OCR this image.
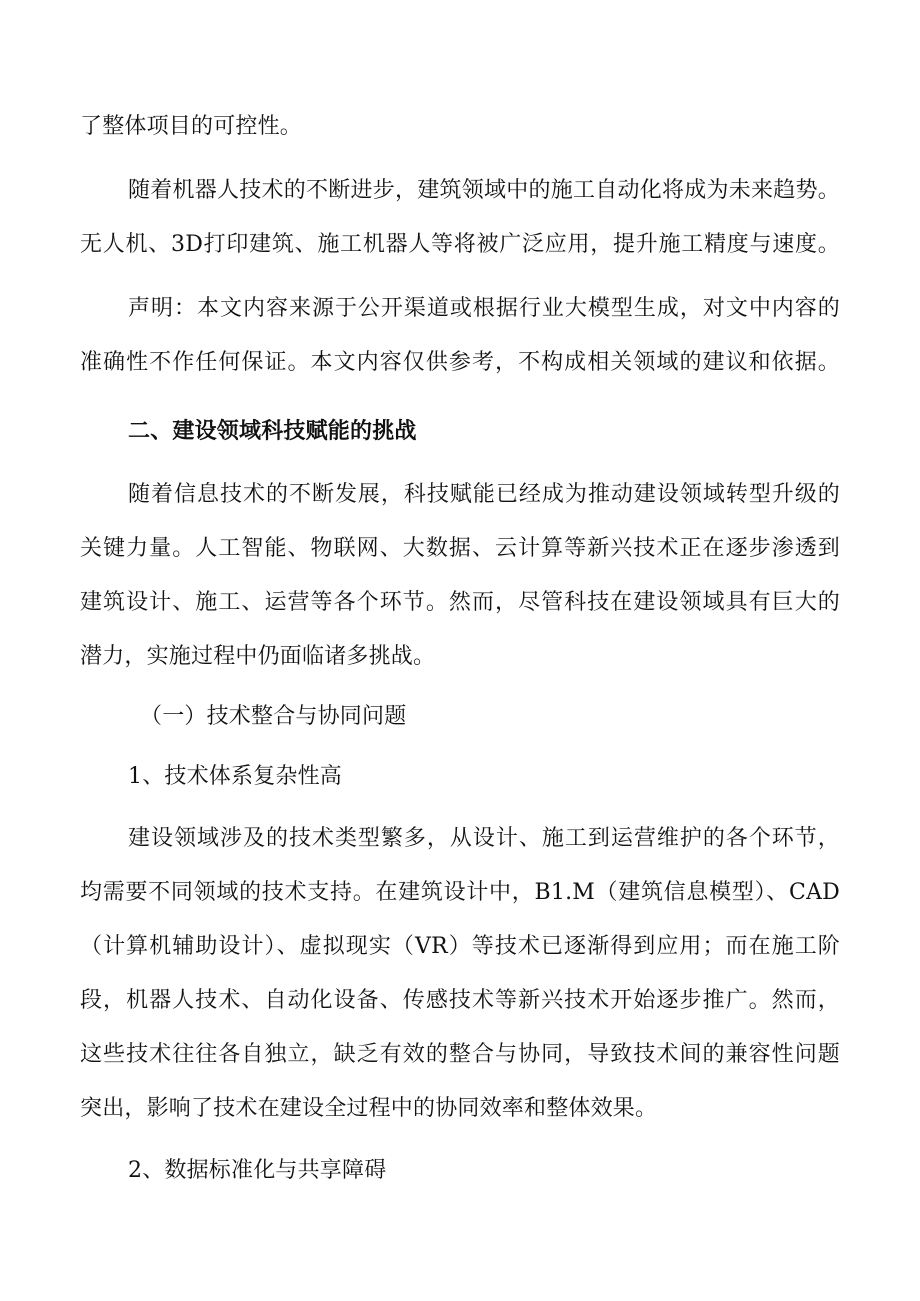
了整体项目的可控性。
随着机器人技术的不断进步，建筑领域中的施工自动化将成为未来趋势。
无人机、3D打印建筑、施工机器人等将被广泛应用，提升施工精度与速度。
声明：本文内容来源于公开渠道或根据行业大模型生成，对文中内容的
准确性不作任何保证。本文内容仅供参考，不构成相关领域的建议和依据。
二、建设领域科技赋能的挑战
随着信息技术的不断发展，科技赋能已经成为推动建设领域转型升级的
关键力量。人工智能、物联网、大数据、云计算等新兴技术正在逐步渗透到
建筑设计、施工、运营等各个环节。然而，尽管科技在建设领域具有巨大的
潜力，实施过程中仍面临诸多挑战。
（一）技术整合与协同问题
1、技术体系复杂性高
建设领域涉及的技术类型繁多，从设计、施工到运营维护的各个环节，
均需要不同领域的技术支持。在建筑设计中，B1.M（建筑信息模型）、CAD
（计算机辅助设计）、虚拟现实（VR）等技术已逐渐得到应用；而在施工阶
段，机器人技术、自动化设备、传感技术等新兴技术开始逐步推广。然而，
这些技术往往各自独立，缺乏有效的整合与协同，导致技术间的兼容性问题
突出，影响了技术在建设全过程中的协同效率和整体效果。
2、数据标准化与共享障碍
